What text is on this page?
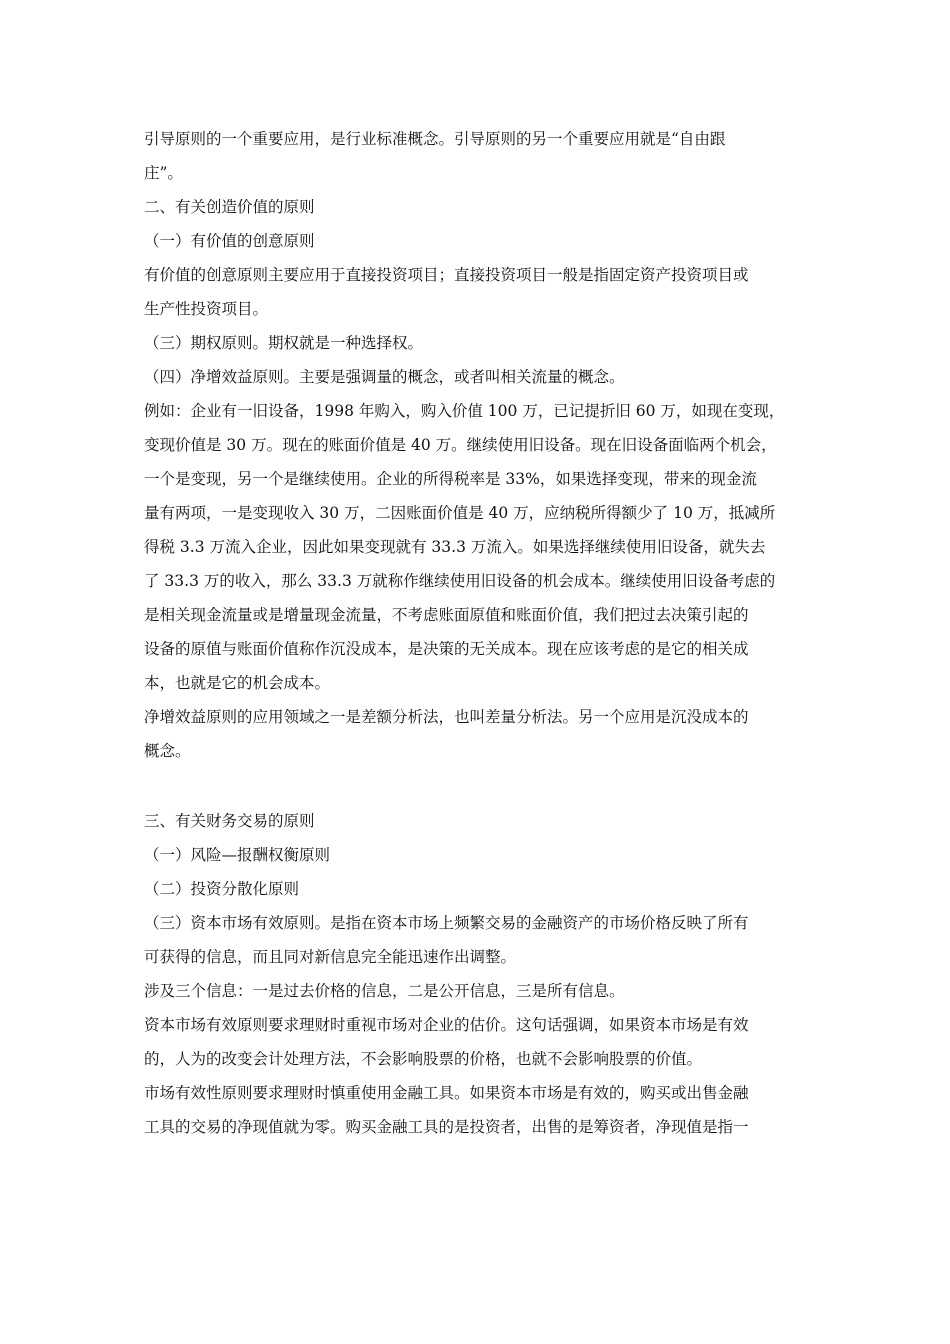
引导原则的一个重要应用，是行业标准概念。引导原则的另一个重要应用就是“自由跟

庄”。

二、有关创造价值的原则

（一）有价值的创意原则

有价值的创意原则主要应用于直接投资项目；直接投资项目一般是指固定资产投资项目或

生产性投资项目。

（三）期权原则。期权就是一种选择权。

（四）净增效益原则。主要是强调量的概念，或者叫相关流量的概念。

例如：企业有一旧设备，1998 年购入，购入价值 100 万，已记提折旧 60 万，如现在变现，

变现价值是 30 万。现在的账面价值是 40 万。继续使用旧设备。现在旧设备面临两个机会，

一个是变现，另一个是继续使用。企业的所得税率是 33%，如果选择变现，带来的现金流

量有两项，一是变现收入 30 万，二因账面价值是 40 万，应纳税所得额少了 10 万，抵减所

得税 3.3 万流入企业，因此如果变现就有 33.3 万流入。如果选择继续使用旧设备，就失去

了 33.3 万的收入，那么 33.3 万就称作继续使用旧设备的机会成本。继续使用旧设备考虑的

是相关现金流量或是增量现金流量，不考虑账面原值和账面价值，我们把过去决策引起的

设备的原值与账面价值称作沉没成本，是决策的无关成本。现在应该考虑的是它的相关成

本，也就是它的机会成本。

净增效益原则的应用领域之一是差额分析法，也叫差量分析法。另一个应用是沉没成本的

概念。

三、有关财务交易的原则

（一）风险—报酬权衡原则

（二）投资分散化原则

（三）资本市场有效原则。是指在资本市场上频繁交易的金融资产的市场价格反映了所有

可获得的信息，而且同对新信息完全能迅速作出调整。

涉及三个信息：一是过去价格的信息，二是公开信息，三是所有信息。

资本市场有效原则要求理财时重视市场对企业的估价。这句话强调，如果资本市场是有效

的，人为的改变会计处理方法，不会影响股票的价格，也就不会影响股票的价值。

市场有效性原则要求理财时慎重使用金融工具。如果资本市场是有效的，购买或出售金融

工具的交易的净现值就为零。购买金融工具的是投资者，出售的是筹资者，净现值是指一
